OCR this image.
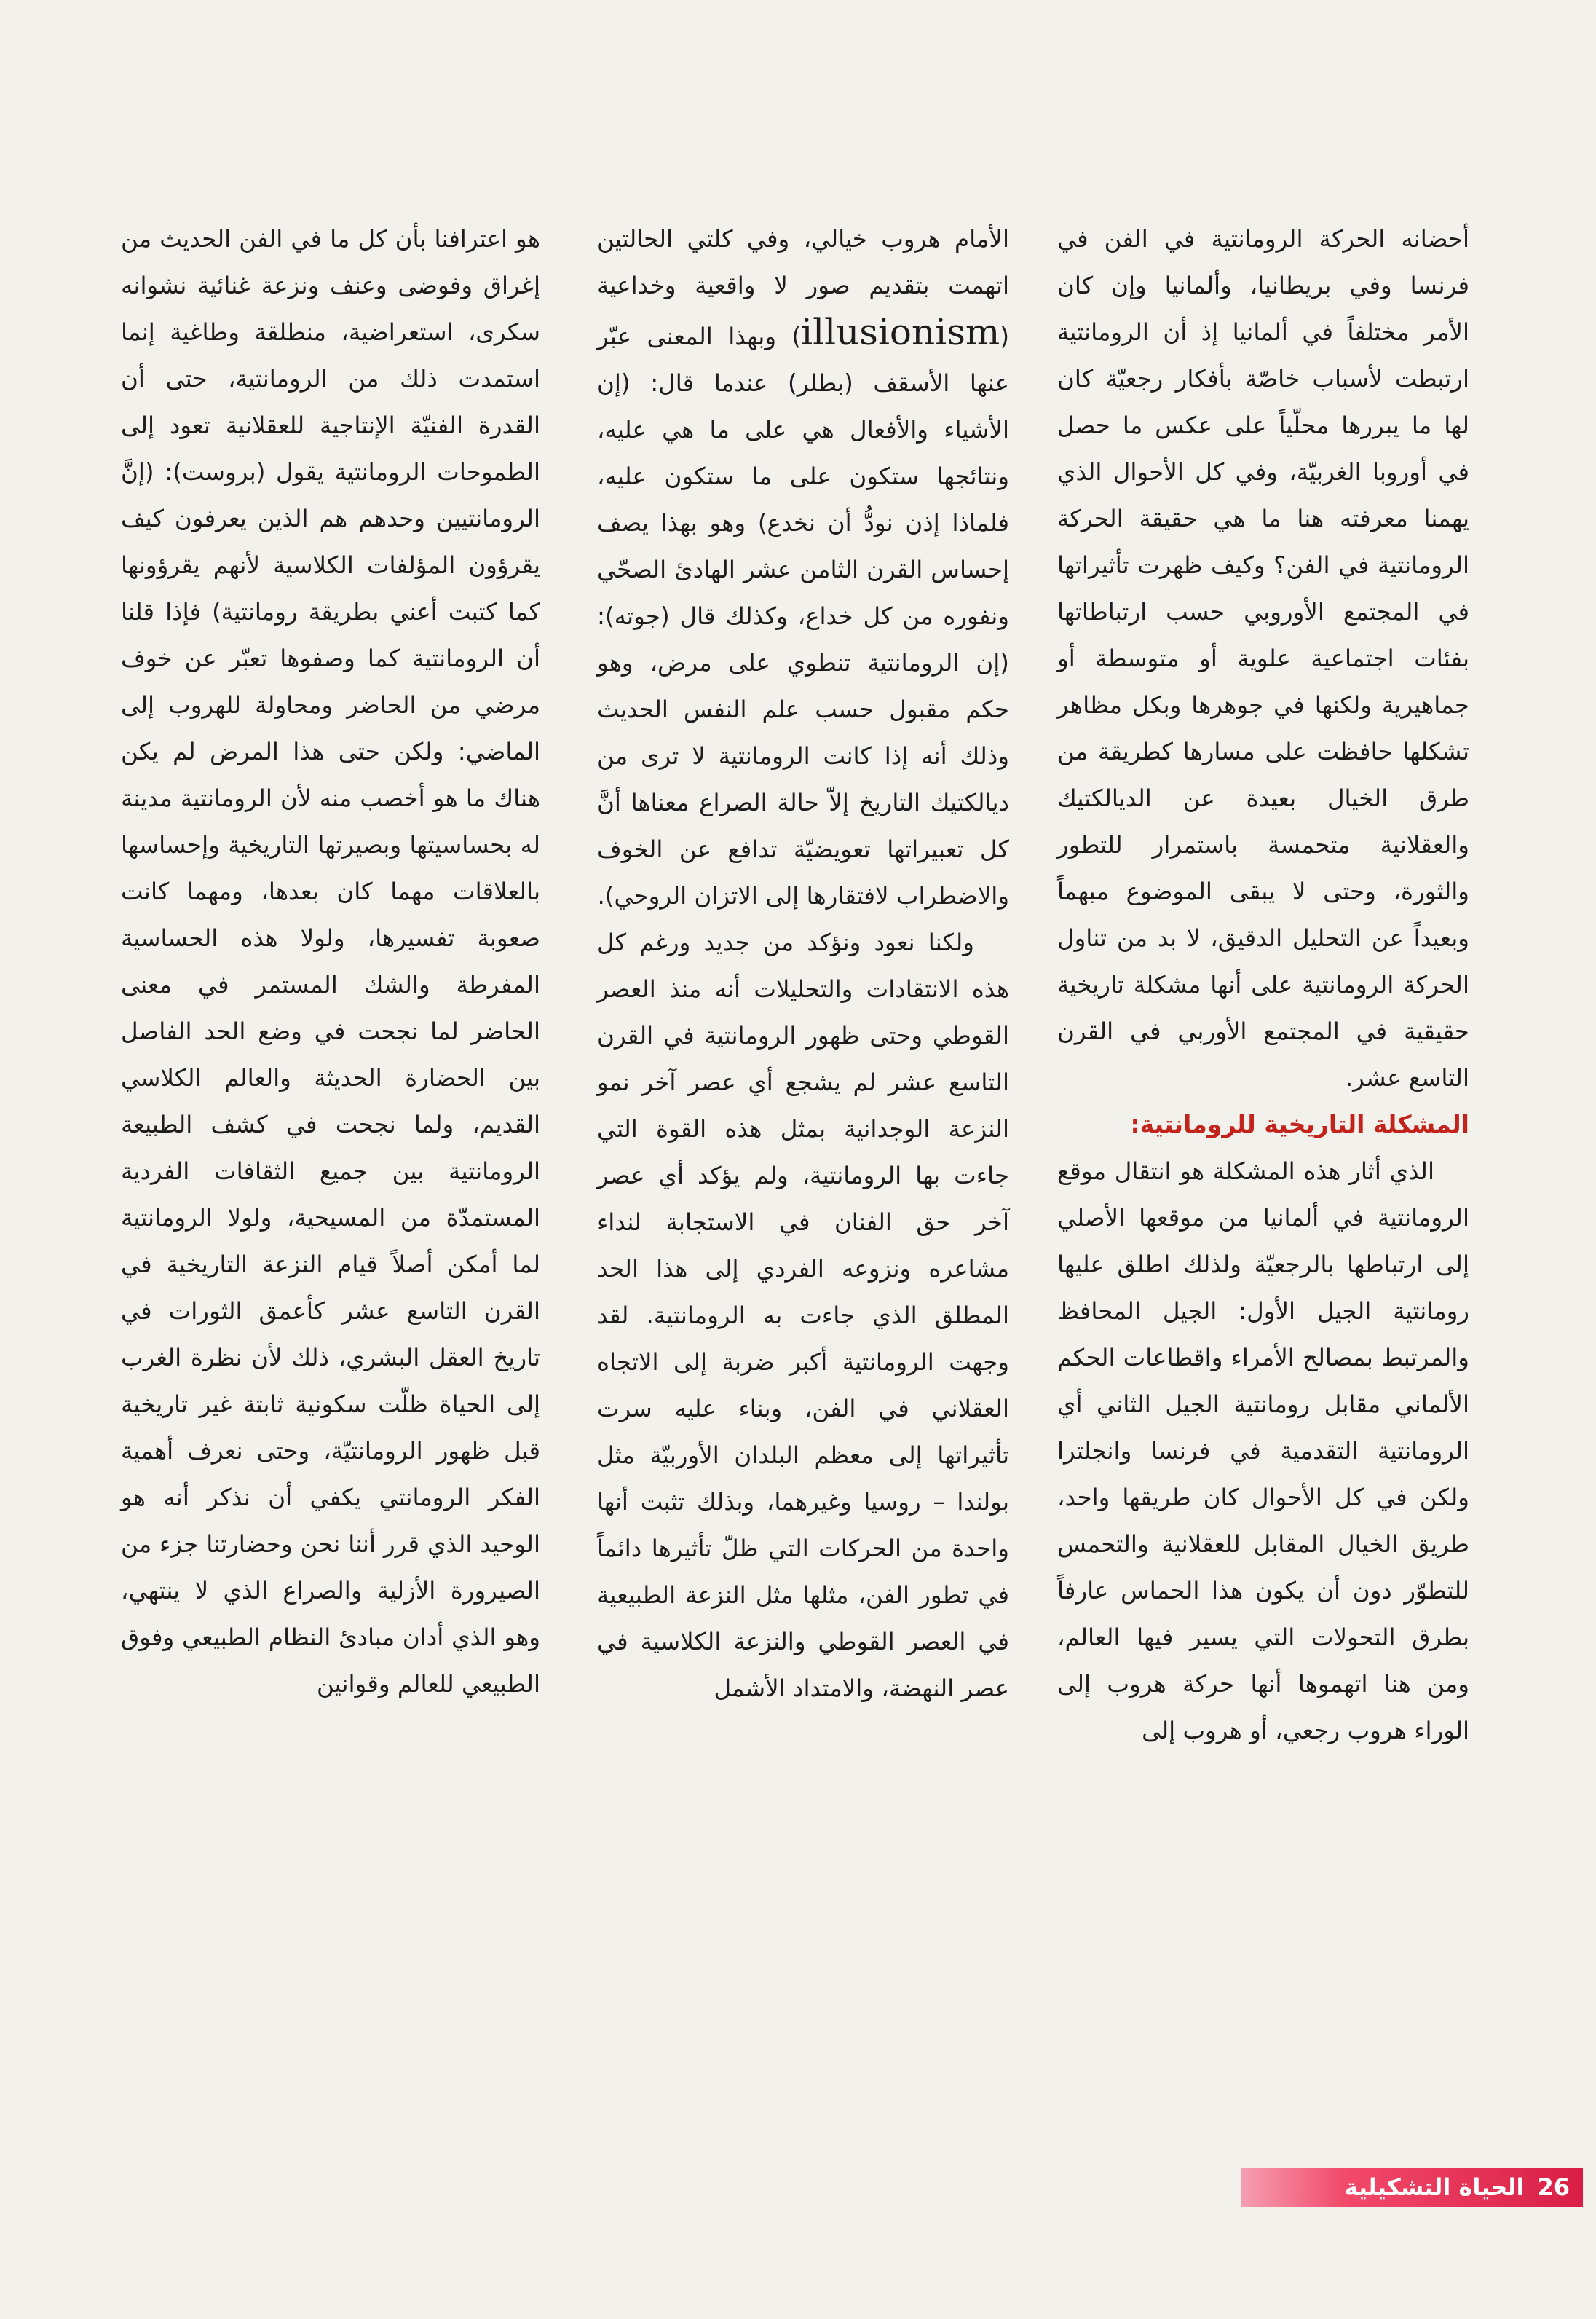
أحضانه الحركة الرومانتية في الفن في فرنسا وفي بريطانيا، وألمانيا وإن كان الأمر مختلفاً في ألمانيا إذ أن الرومانتية ارتبطت لأسباب خاصّة بأفكار رجعيّة كان لها ما يبررها محلّياً على عكس ما حصل في أوروبا الغربيّة، وفي كل الأحوال الذي يهمنا معرفته هنا ما هي حقيقة الحركة الرومانتية في الفن؟ وكيف ظهرت تأثيراتها في المجتمع الأوروبي حسب ارتباطاتها بفئات اجتماعية علوية أو متوسطة أو جماهيرية ولكنها في جوهرها وبكل مظاهر تشكلها حافظت على مسارها كطريقة من طرق الخيال بعيدة عن الديالكتيك والعقلانية متحمسة باستمرار للتطور والثورة، وحتى لا يبقى الموضوع مبهماً وبعيداً عن التحليل الدقيق، لا بد من تناول الحركة الرومانتية على أنها مشكلة تاريخية حقيقية في المجتمع الأوربي في القرن التاسع عشر.

المشكلة التاريخية للرومانتية:

الذي أثار هذه المشكلة هو انتقال موقع الرومانتية في ألمانيا من موقعها الأصلي إلى ارتباطها بالرجعيّة ولذلك اطلق عليها رومانتية الجيل الأول: الجيل المحافظ والمرتبط بمصالح الأمراء واقطاعات الحكم الألماني مقابل رومانتية الجيل الثاني أي الرومانتية التقدمية في فرنسا وانجلترا ولكن في كل الأحوال كان طريقها واحد، طريق الخيال المقابل للعقلانية والتحمس للتطوّر دون أن يكون هذا الحماس عارفاً بطرق التحولات التي يسير فيها العالم، ومن هنا اتهموها أنها حركة هروب إلى الوراء هروب رجعي، أو هروب إلى

الأمام هروب خيالي، وفي كلتي الحالتين اتهمت بتقديم صور لا واقعية وخداعية (illusionism) وبهذا المعنى عبّر عنها الأسقف (بطلر) عندما قال: (إن الأشياء والأفعال هي على ما هي عليه، ونتائجها ستكون على ما ستكون عليه، فلماذا إذن نودُّ أن نخدع) وهو بهذا يصف إحساس القرن الثامن عشر الهادئ الصحّي ونفوره من كل خداع، وكذلك قال (جوته): (إن الرومانتية تنطوي على مرض، وهو حكم مقبول حسب علم النفس الحديث وذلك أنه إذا كانت الرومانتية لا ترى من ديالكتيك التاريخ إلاّ حالة الصراع معناها أنَّ كل تعبيراتها تعويضيّة تدافع عن الخوف والاضطراب لافتقارها إلى الاتزان الروحي).

ولكنا نعود ونؤكد من جديد ورغم كل هذه الانتقادات والتحليلات أنه منذ العصر القوطي وحتى ظهور الرومانتية في القرن التاسع عشر لم يشجع أي عصر آخر نمو النزعة الوجدانية بمثل هذه القوة التي جاءت بها الرومانتية، ولم يؤكد أي عصر آخر حق الفنان في الاستجابة لنداء مشاعره ونزوعه الفردي إلى هذا الحد المطلق الذي جاءت به الرومانتية. لقد وجهت الرومانتية أكبر ضربة إلى الاتجاه العقلاني في الفن، وبناء عليه سرت تأثيراتها إلى معظم البلدان الأوربيّة مثل بولندا – روسيا وغيرهما، وبذلك تثبت أنها واحدة من الحركات التي ظلّ تأثيرها دائماً في تطور الفن، مثلها مثل النزعة الطبيعية في العصر القوطي والنزعة الكلاسية في عصر النهضة، والامتداد الأشمل

هو اعترافنا بأن كل ما في الفن الحديث من إغراق وفوضى وعنف ونزعة غنائية نشوانه سكرى، استعراضية، منطلقة وطاغية إنما استمدت ذلك من الرومانتية، حتى أن القدرة الفنيّة الإنتاجية للعقلانية تعود إلى الطموحات الرومانتية يقول (بروست): (إنَّ الرومانتيين وحدهم هم الذين يعرفون كيف يقرؤون المؤلفات الكلاسية لأنهم يقرؤونها كما كتبت أعني بطريقة رومانتية) فإذا قلنا أن الرومانتية كما وصفوها تعبّر عن خوف مرضي من الحاضر ومحاولة للهروب إلى الماضي: ولكن حتى هذا المرض لم يكن هناك ما هو أخصب منه لأن الرومانتية مدينة له بحساسيتها وبصيرتها التاريخية وإحساسها بالعلاقات مهما كان بعدها، ومهما كانت صعوبة تفسيرها، ولولا هذه الحساسية المفرطة والشك المستمر في معنى الحاضر لما نجحت في وضع الحد الفاصل بين الحضارة الحديثة والعالم الكلاسي القديم، ولما نجحت في كشف الطبيعة الرومانتية بين جميع الثقافات الفردية المستمدّة من المسيحية، ولولا الرومانتية لما أمكن أصلاً قيام النزعة التاريخية في القرن التاسع عشر كأعمق الثورات في تاريخ العقل البشري، ذلك لأن نظرة الغرب إلى الحياة ظلّت سكونية ثابتة غير تاريخية قبل ظهور الرومانتيّة، وحتى نعرف أهمية الفكر الرومانتي يكفي أن نذكر أنه هو الوحيد الذي قرر أننا نحن وحضارتنا جزء من الصيرورة الأزلية والصراع الذي لا ينتهي، وهو الذي أدان مبادئ النظام الطبيعي وفوق الطبيعي للعالم وقوانين

26
الحياة التشكيلية
